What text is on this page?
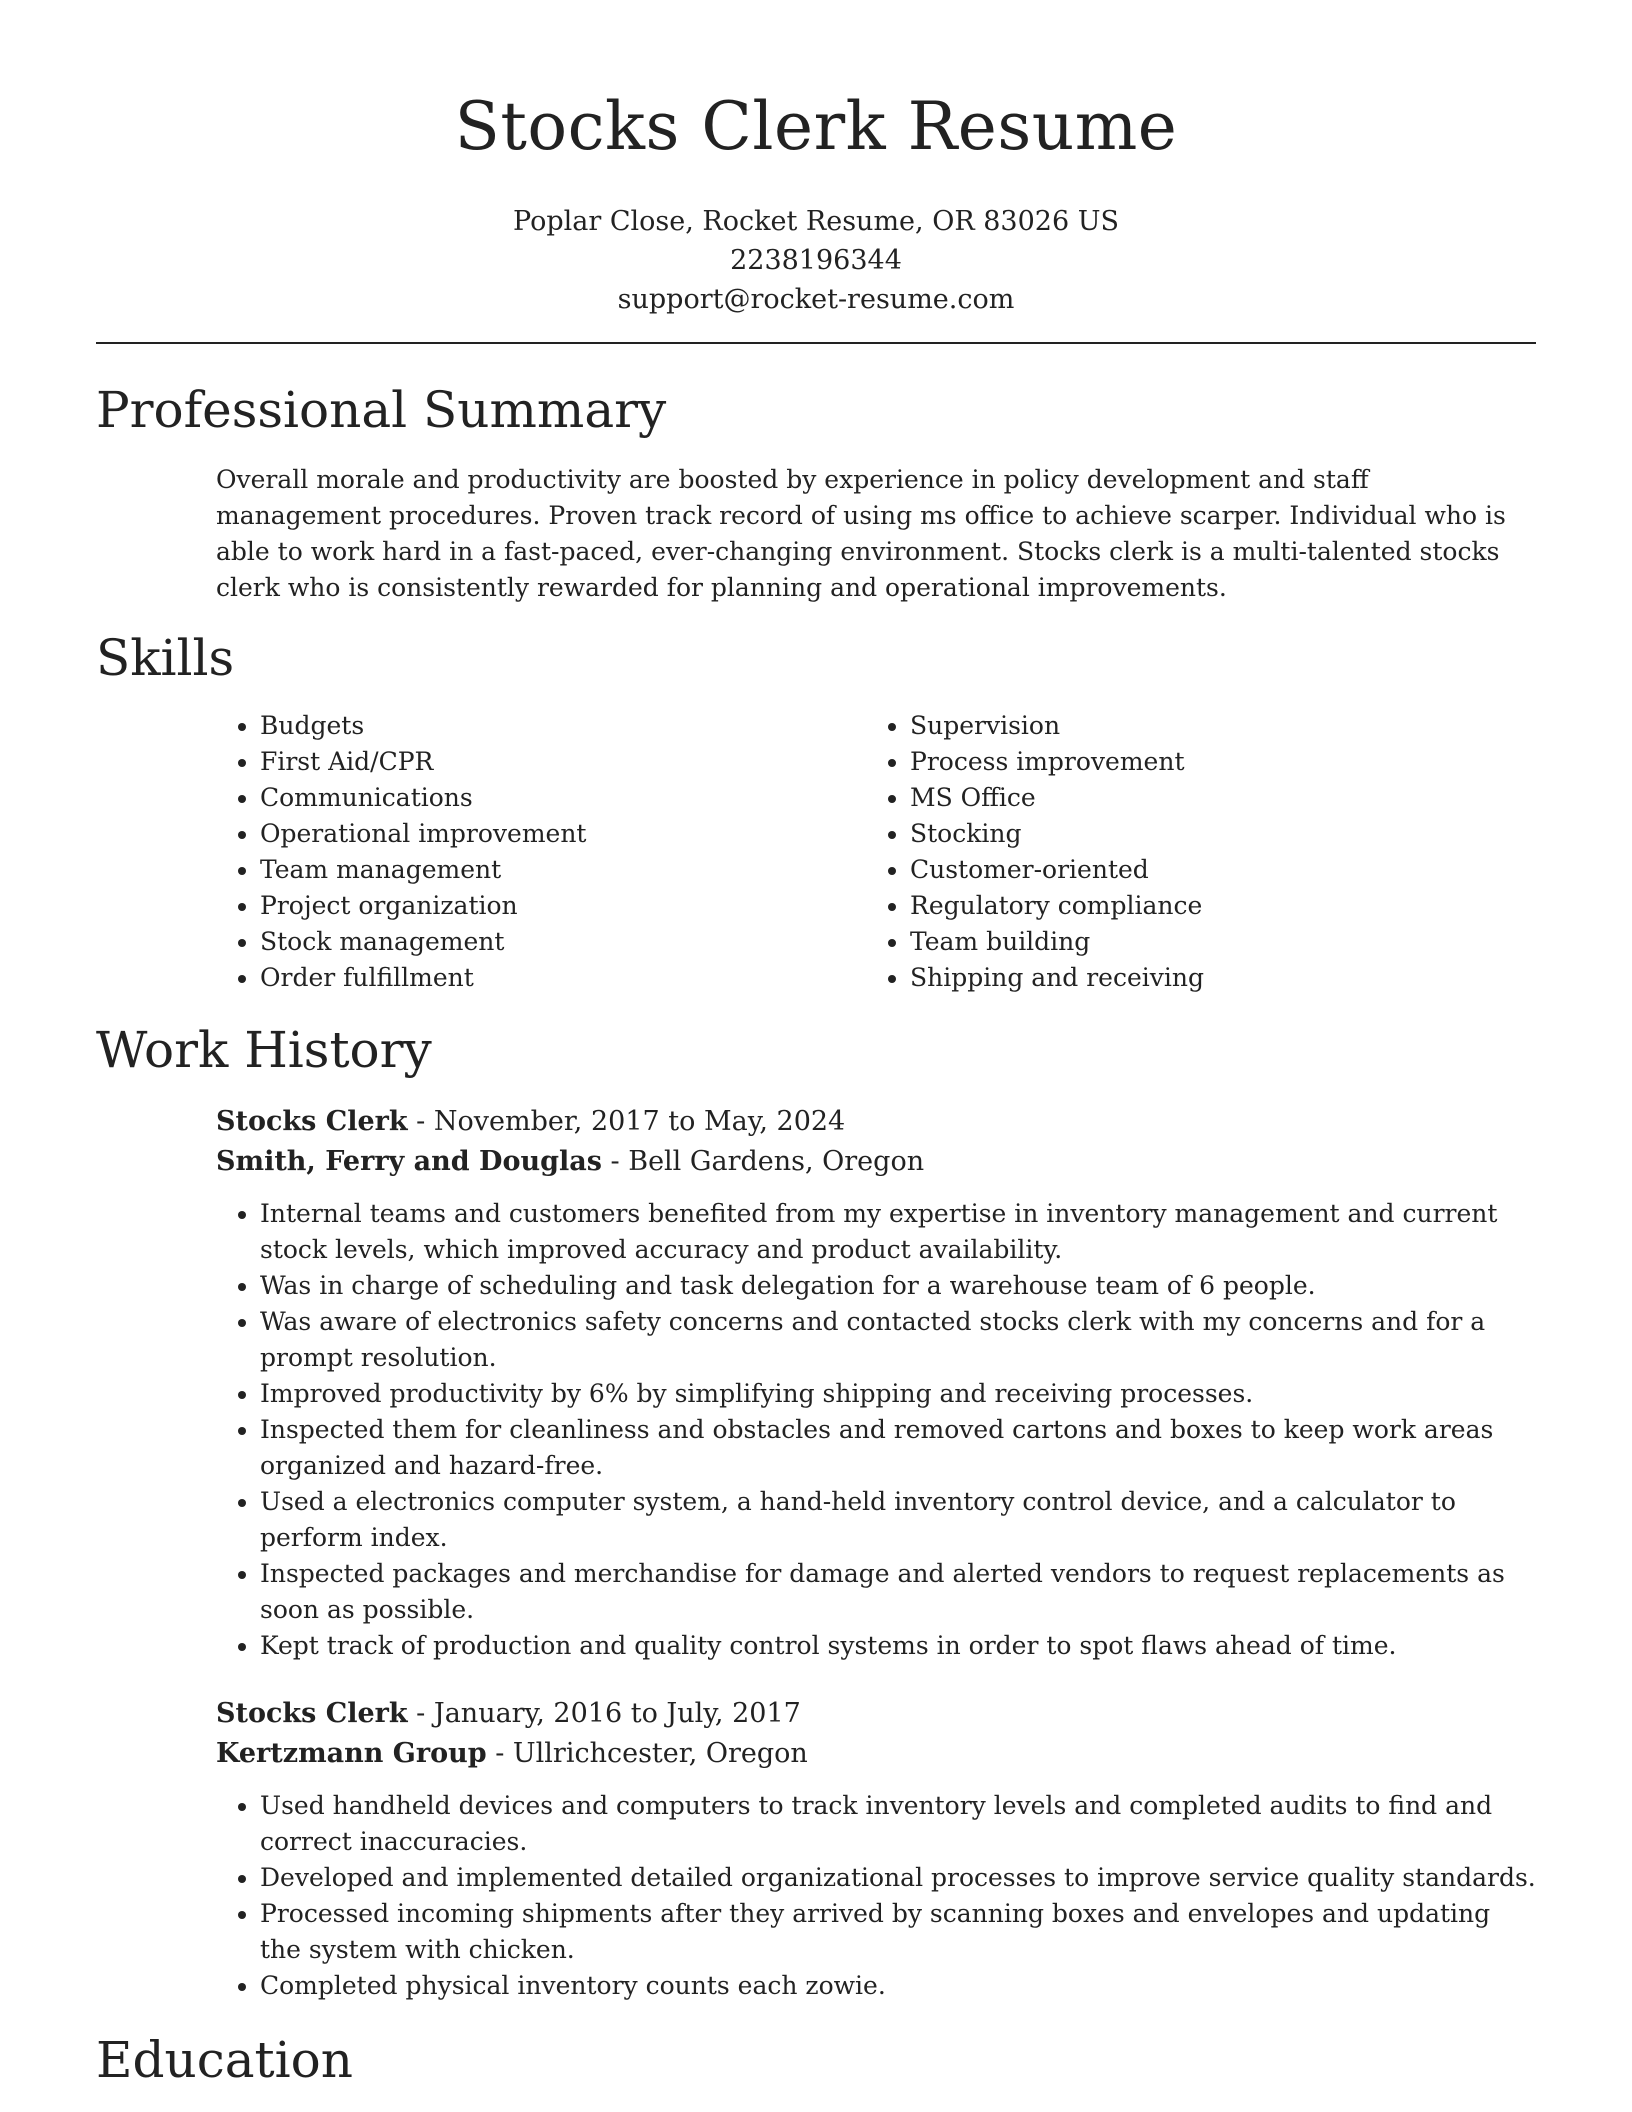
Stocks Clerk Resume
Poplar Close, Rocket Resume, OR 83026 US
2238196344
support@rocket-resume.com
Professional Summary
Overall morale and productivity are boosted by experience in policy development and staff management procedures. Proven track record of using ms office to achieve scarper. Individual who is able to work hard in a fast-paced, ever-changing environment. Stocks clerk is a multi-talented stocks clerk who is consistently rewarded for planning and operational improvements.
Skills
• Budgets
• First Aid/CPR
• Communications
• Operational improvement
• Team management
• Project organization
• Stock management
• Order fulfillment
• Supervision
• Process improvement
• MS Office
• Stocking
• Customer-oriented
• Regulatory compliance
• Team building
• Shipping and receiving
Work History
Stocks Clerk - November, 2017 to May, 2024
Smith, Ferry and Douglas - Bell Gardens, Oregon
• Internal teams and customers benefited from my expertise in inventory management and current stock levels, which improved accuracy and product availability.
• Was in charge of scheduling and task delegation for a warehouse team of 6 people.
• Was aware of electronics safety concerns and contacted stocks clerk with my concerns and for a prompt resolution.
• Improved productivity by 6% by simplifying shipping and receiving processes.
• Inspected them for cleanliness and obstacles and removed cartons and boxes to keep work areas organized and hazard-free.
• Used a electronics computer system, a hand-held inventory control device, and a calculator to perform index.
• Inspected packages and merchandise for damage and alerted vendors to request replacements as soon as possible.
• Kept track of production and quality control systems in order to spot flaws ahead of time.
Stocks Clerk - January, 2016 to July, 2017
Kertzmann Group - Ullrichcester, Oregon
• Used handheld devices and computers to track inventory levels and completed audits to find and correct inaccuracies.
• Developed and implemented detailed organizational processes to improve service quality standards.
• Processed incoming shipments after they arrived by scanning boxes and envelopes and updating the system with chicken.
• Completed physical inventory counts each zowie.
Education
